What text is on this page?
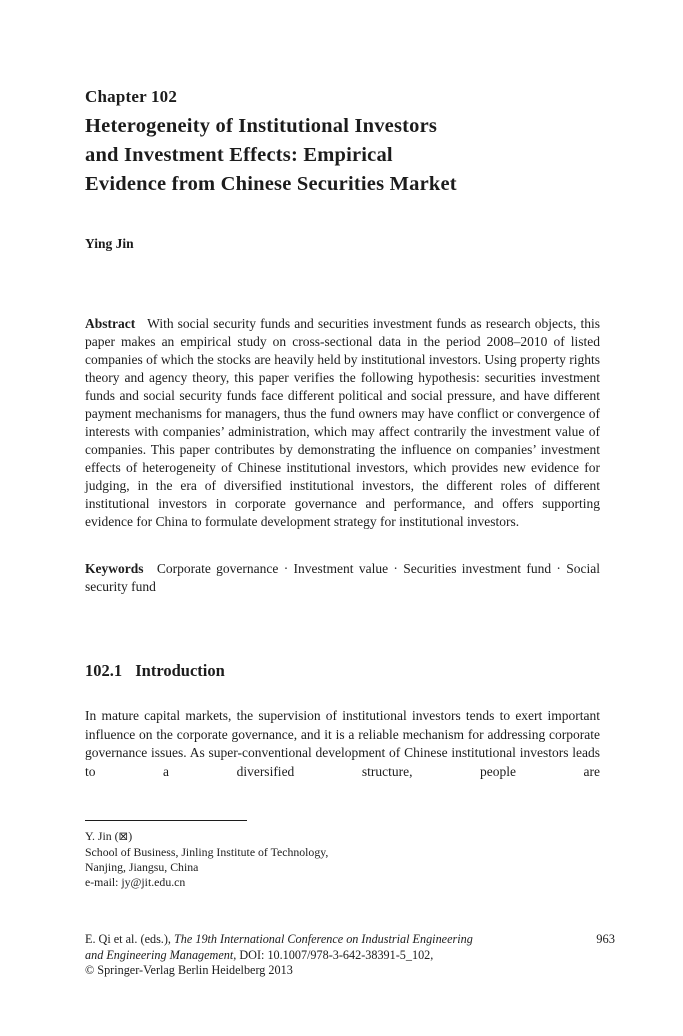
Chapter 102
Heterogeneity of Institutional Investors
and Investment Effects: Empirical
Evidence from Chinese Securities Market
Ying Jin

Abstract With social security funds and securities investment funds as research objects, this paper makes an empirical study on cross-sectional data in the period 2008–2010 of listed companies of which the stocks are heavily held by institutional investors. Using property rights theory and agency theory, this paper verifies the following hypothesis: securities investment funds and social security funds face different political and social pressure, and have different payment mechanisms for managers, thus the fund owners may have conflict or convergence of interests with companies’ administration, which may affect contrarily the investment value of companies. This paper contributes by demonstrating the influence on companies’ investment effects of heterogeneity of Chinese institutional investors, which provides new evidence for judging, in the era of diversified institutional investors, the different roles of different institutional investors in corporate governance and performance, and offers supporting evidence for China to formulate development strategy for institutional investors.

Keywords Corporate governance · Investment value · Securities investment fund · Social security fund

102.1 Introduction

In mature capital markets, the supervision of institutional investors tends to exert important influence on the corporate governance, and it is a reliable mechanism for addressing corporate governance issues. As super-conventional development of Chinese institutional investors leads to a diversified structure, people are

Y. Jin (⊠)
School of Business, Jinling Institute of Technology,
Nanjing, Jiangsu, China
e-mail: jy@jit.edu.cn
E. Qi et al. (eds.), The 19th International Conference on Industrial Engineering
and Engineering Management, DOI: 10.1007/978-3-642-38391-5_102,
© Springer-Verlag Berlin Heidelberg 2013
963
